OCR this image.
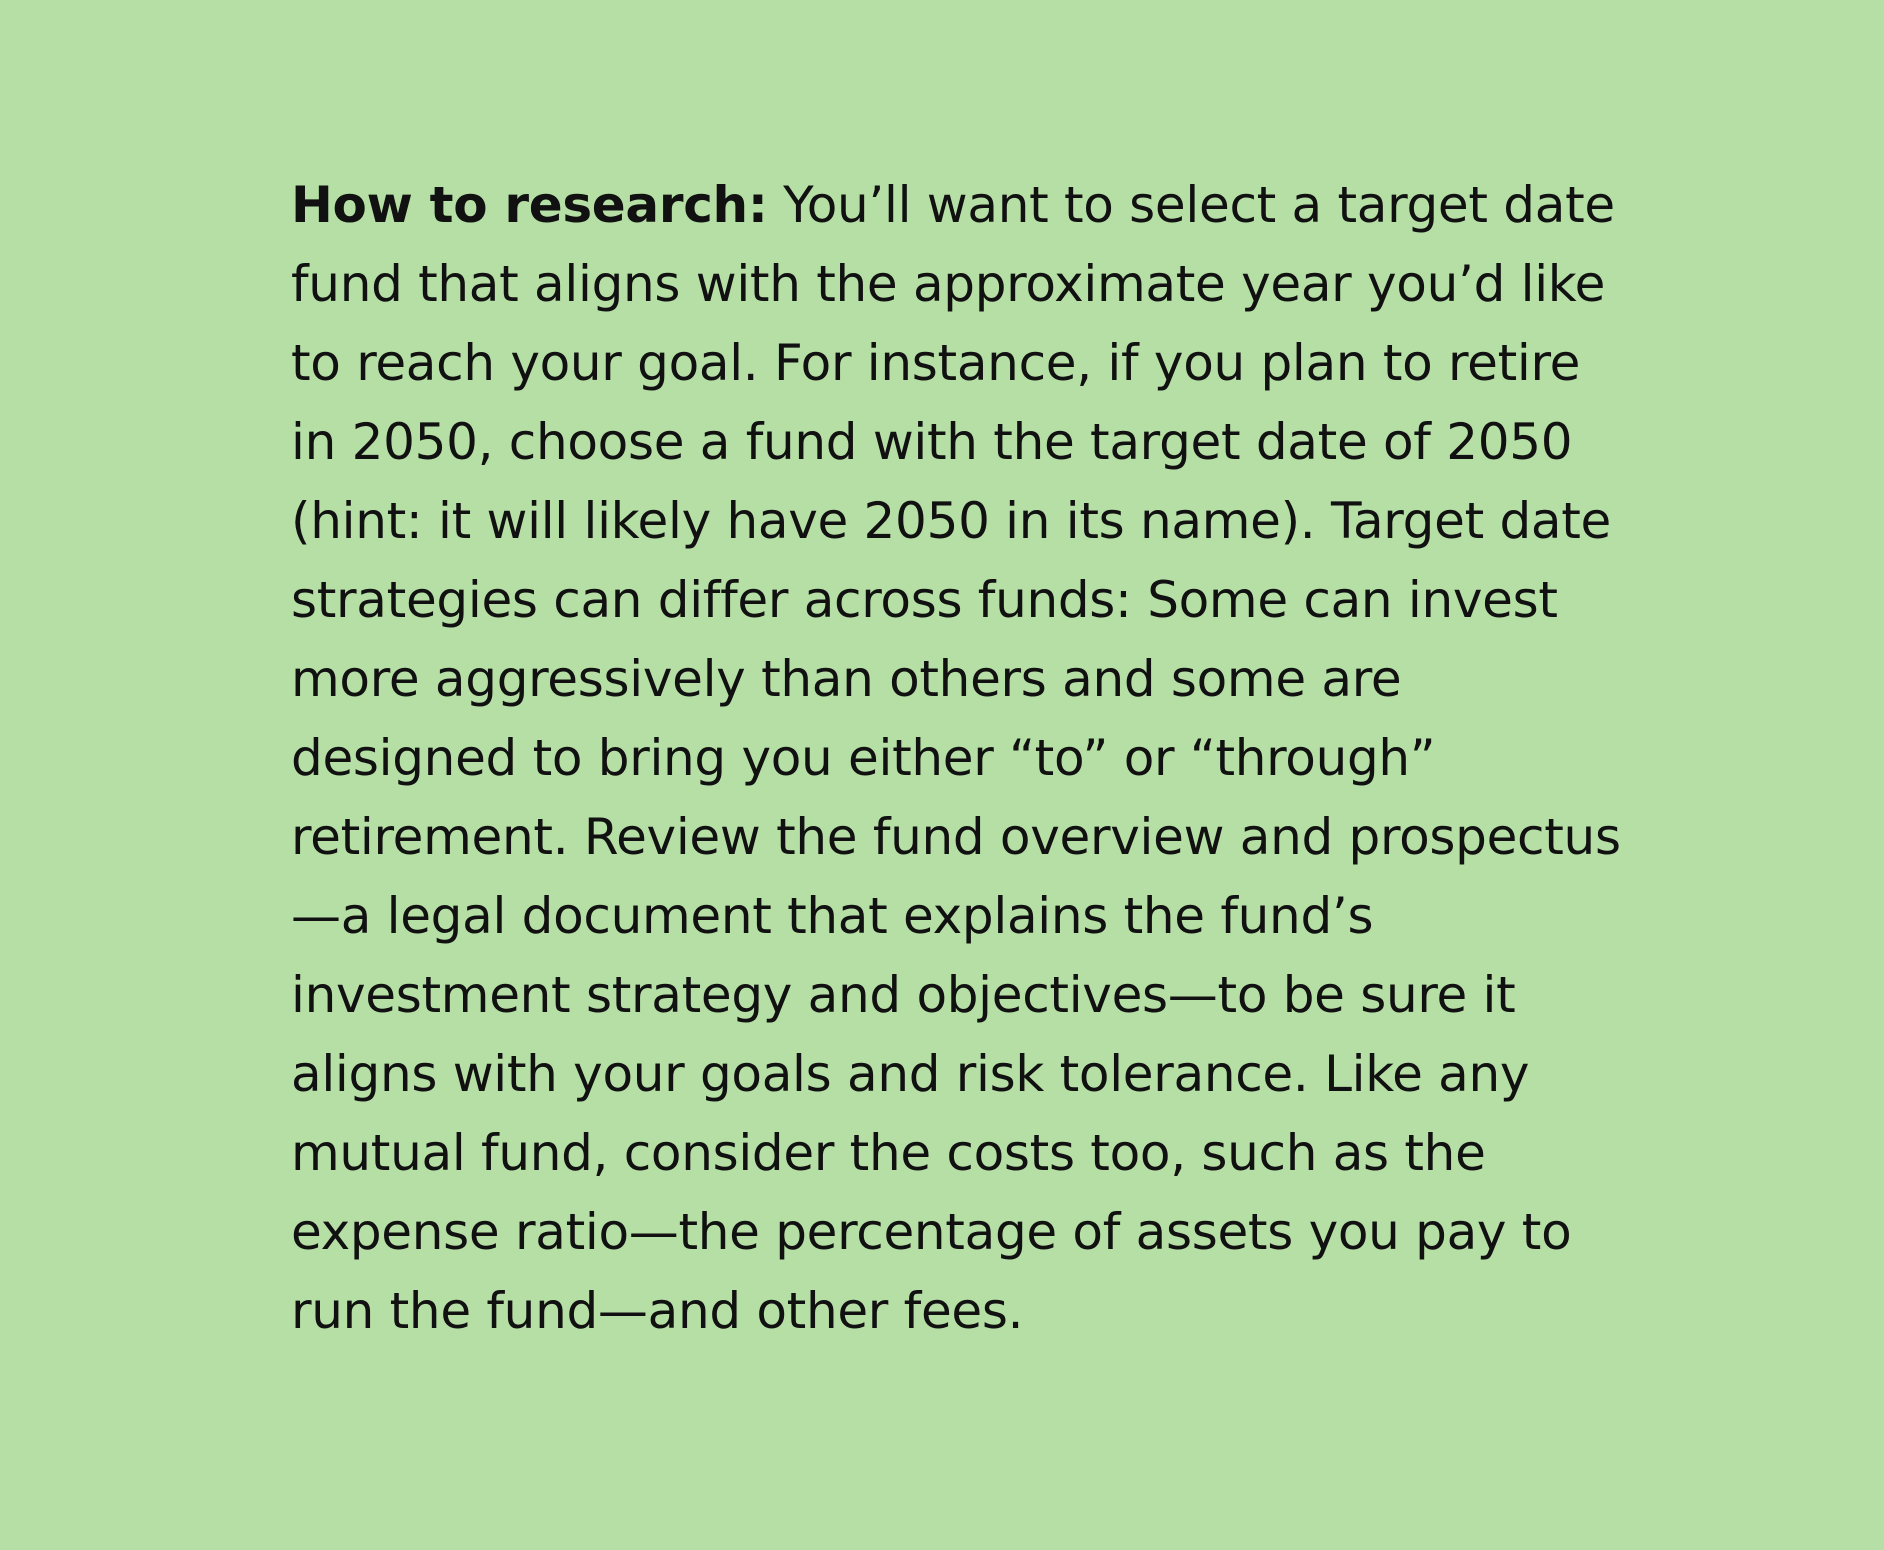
How to research: You’ll want to select a target date fund that aligns with the approximate year you’d like to reach your goal. For instance, if you plan to retire in 2050, choose a fund with the target date of 2050 (hint: it will likely have 2050 in its name). Target date strategies can differ across funds: Some can invest more aggressively than others and some are designed to bring you either “to” or “through” retirement. Review the fund overview and prospectus—a legal document that explains the fund’s investment strategy and objectives—to be sure it aligns with your goals and risk tolerance. Like any mutual fund, consider the costs too, such as the expense ratio—the percentage of assets you pay to run the fund—and other fees.
